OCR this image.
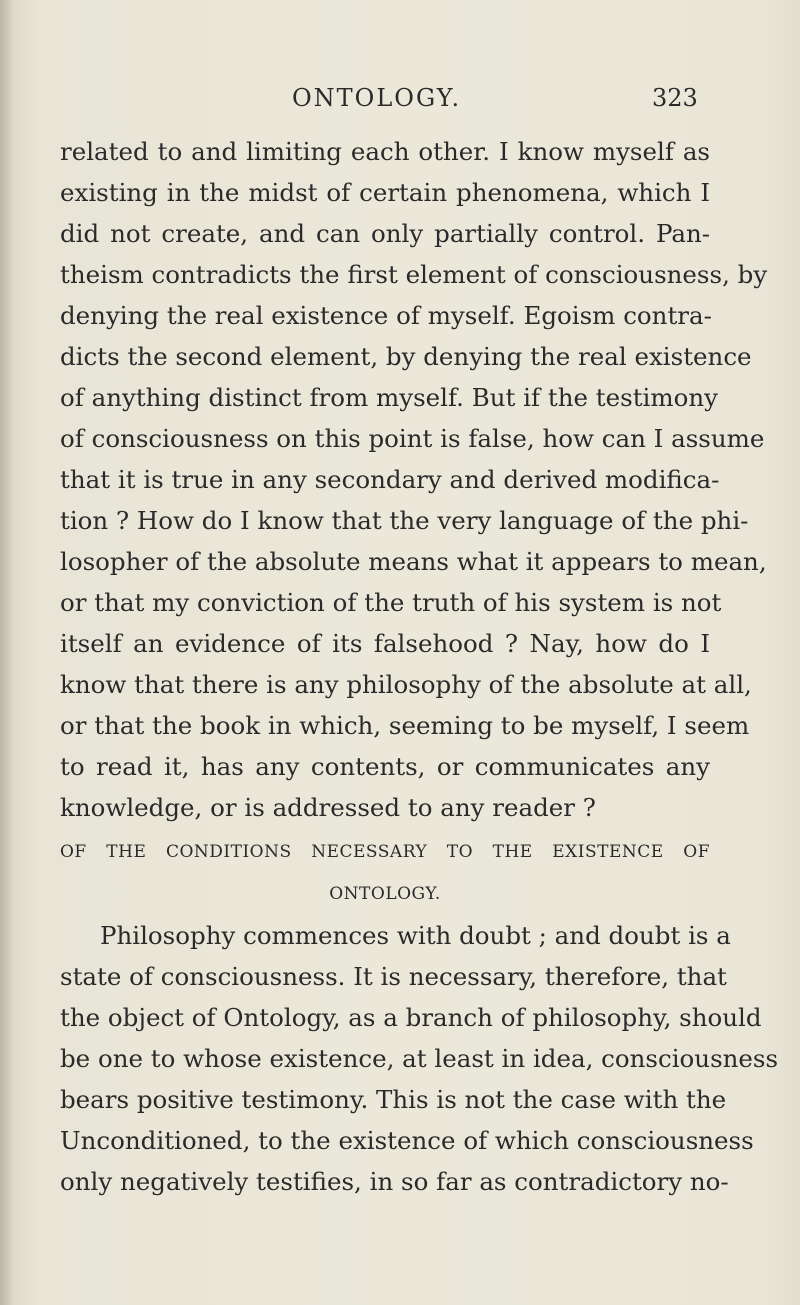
ONTOLOGY.	323
related to and limiting each other. I know myself as
existing in the midst of certain phenomena, which I
did not create, and can only partially control. Pan-
theism contradicts the first element of consciousness, by
denying the real existence of myself. Egoism contra-
dicts the second element, by denying the real existence
of anything distinct from myself. But if the testimony
of consciousness on this point is false, how can I assume
that it is true in any secondary and derived modifica-
tion ? How do I know that the very language of the phi-
losopher of the absolute means what it appears to mean,
or that my conviction of the truth of his system is not
itself an evidence of its falsehood ? Nay, how do I
know that there is any philosophy of the absolute at all,
or that the book in which, seeming to be myself, I seem
to read it, has any contents, or communicates any
knowledge, or is addressed to any reader ?
OF THE CONDITIONS NECESSARY TO THE EXISTENCE OF
ONTOLOGY.
Philosophy commences with doubt ; and doubt is a
state of consciousness. It is necessary, therefore, that
the object of Ontology, as a branch of philosophy, should
be one to whose existence, at least in idea, consciousness
bears positive testimony. This is not the case with the
Unconditioned, to the existence of which consciousness
only negatively testifies, in so far as contradictory no-
